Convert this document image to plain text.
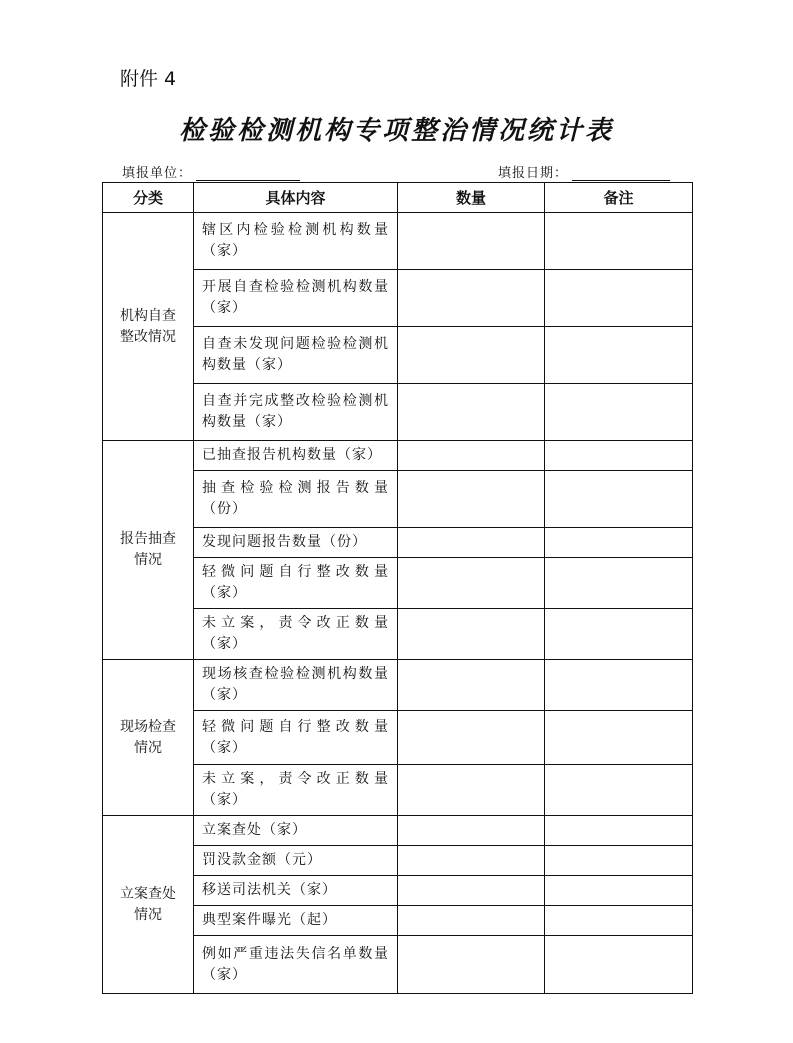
附件 4
检验检测机构专项整治情况统计表
填报单位：	填报日期：
分类	具体内容	数量	备注
机构自查整改情况	辖区内检验检测机构数量（家）		
	开展自查检验检测机构数量（家）		
	自查未发现问题检验检测机构数量（家）		
	自查并完成整改检验检测机构数量（家）		
报告抽查情况	已抽查报告机构数量（家）		
	抽查检验检测报告数量（份）		
	发现问题报告数量（份）		
	轻微问题自行整改数量（家）		
	未立案，责令改正数量（家）		
现场检查情况	现场核查检验检测机构数量（家）		
	轻微问题自行整改数量（家）		
	未立案，责令改正数量（家）		
立案查处情况	立案查处（家）		
	罚没款金额（元）		
	移送司法机关（家）		
	典型案件曝光（起）		
	例如严重违法失信名单数量（家）		
